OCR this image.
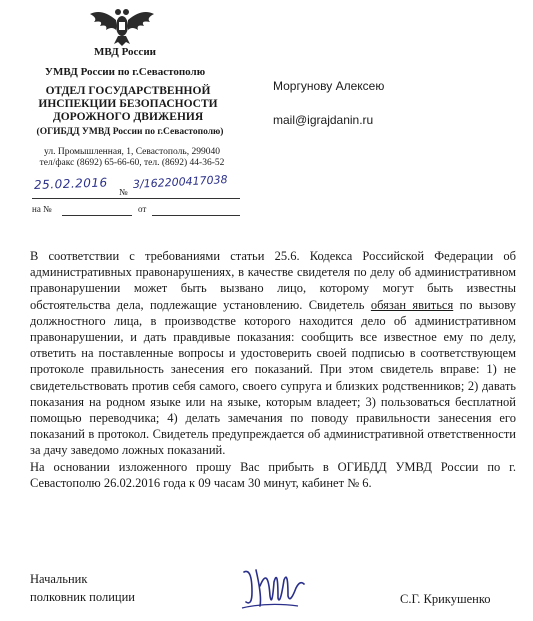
МВД России
УМВД России по г.Севастополю
ОТДЕЛ ГОСУДАРСТВЕННОЙ
ИНСПЕКЦИИ БЕЗОПАСНОСТИ
ДОРОЖНОГО ДВИЖЕНИЯ
(ОГИБДД УМВД России по г.Севастополю)
ул. Промышленная, 1, Севастополь, 299040
тел/факс (8692) 65-66-60, тел. (8692) 44-36-52
Моргунову Алексею
mail@igrajdanin.ru
25.02.2016
№
3/162200417038
на №	от

В соответствии с требованиями статьи 25.6. Кодекса Российской Федерации об административных правонарушениях, в качестве свидетеля по делу об административном правонарушении может быть вызвано лицо, которому могут быть известны обстоятельства дела, подлежащие установлению. Свидетель обязан явиться по вызову должностного лица, в производстве которого находится дело об административном правонарушении, и дать правдивые показания: сообщить все известное ему по делу, ответить на поставленные вопросы и удостоверить своей подписью в соответствующем протоколе правильность занесения его показаний. При этом свидетель вправе: 1) не свидетельствовать против себя самого, своего супруга и близких родственников; 2) давать показания на родном языке или на языке, которым владеет; 3) пользоваться бесплатной помощью переводчика; 4) делать замечания по поводу правильности занесения его показаний в протокол. Свидетель предупреждается об административной ответственности за дачу заведомо ложных показаний.

На основании изложенного прошу Вас прибыть в ОГИБДД УМВД России по г. Севастополю 26.02.2016 года к 09 часам 30 минут, кабинет № 6.

Начальник
полковник полиции	С.Г. Крикушенко
